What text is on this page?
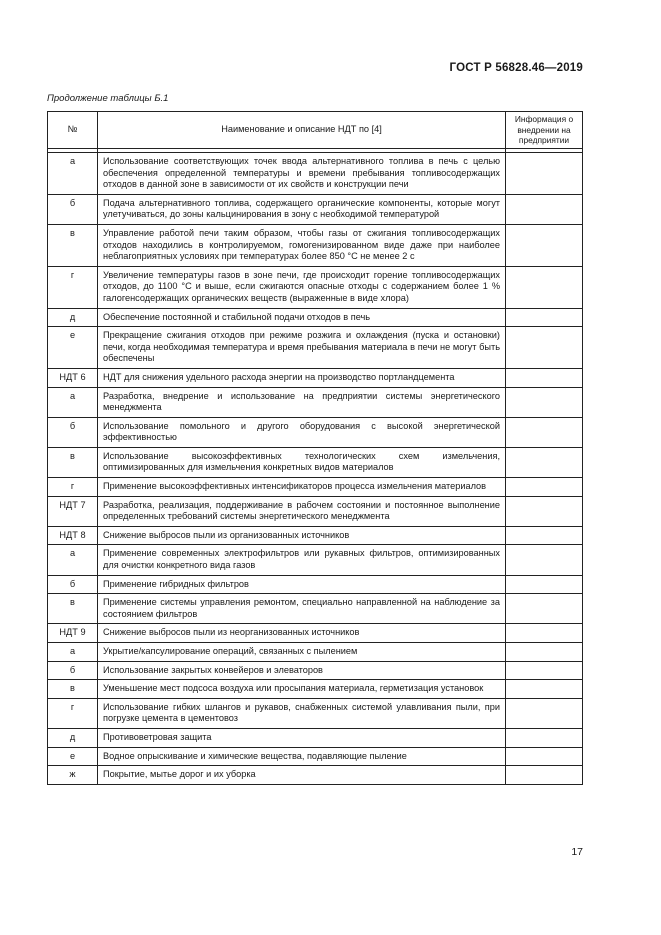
ГОСТ Р 56828.46—2019
Продолжение таблицы Б.1
№	Наименование и описание НДТ по [4]	Информация о внедрении на предприятии

а	Использование соответствующих точек ввода альтернативного топлива в печь с целью обеспечения определенной температуры и времени пребывания топливосодержащих отходов в данной зоне в зависимости от их свойств и конструкции печи	
б	Подача альтернативного топлива, содержащего органические компоненты, которые могут улетучиваться, до зоны кальцинирования в зону с необходимой температурой	
в	Управление работой печи таким образом, чтобы газы от сжигания топливосодержащих отходов находились в контролируемом, гомогенизированном виде даже при наиболее неблагоприятных условиях при температурах более 850 °С не менее 2 с	
г	Увеличение температуры газов в зоне печи, где происходит горение топливосодержащих отходов, до 1100 °С и выше, если сжигаются опасные отходы с содержанием более 1 % галогенсодержащих органических веществ (выраженные в виде хлора)	
д	Обеспечение постоянной и стабильной подачи отходов в печь	
е	Прекращение сжигания отходов при режиме розжига и охлаждения (пуска и остановки) печи, когда необходимая температура и время пребывания материала в печи не могут быть обеспечены	
НДТ 6	НДТ для снижения удельного расхода энергии на производство портландцемента	
а	Разработка, внедрение и использование на предприятии системы энергетического менеджмента	
б	Использование помольного и другого оборудования с высокой энергетической эффективностью	
в	Использование высокоэффективных технологических схем измельчения, оптимизированных для измельчения конкретных видов материалов	
г	Применение высокоэффективных интенсификаторов процесса измельчения материалов	
НДТ 7	Разработка, реализация, поддерживание в рабочем состоянии и постоянное выполнение определенных требований системы энергетического менеджмента	
НДТ 8	Снижение выбросов пыли из организованных источников	
а	Применение современных электрофильтров или рукавных фильтров, оптимизированных для очистки конкретного вида газов	
б	Применение гибридных фильтров	
в	Применение системы управления ремонтом, специально направленной на наблюдение за состоянием фильтров	
НДТ 9	Снижение выбросов пыли из неорганизованных источников	
а	Укрытие/капсулирование операций, связанных с пылением	
б	Использование закрытых конвейеров и элеваторов	
в	Уменьшение мест подсоса воздуха или просыпания материала, герметизация установок	
г	Использование гибких шлангов и рукавов, снабженных системой улавливания пыли, при погрузке цемента в цементовоз	
д	Противоветровая защита	
е	Водное опрыскивание и химические вещества, подавляющие пыление	
ж	Покрытие, мытье дорог и их уборка	
17
